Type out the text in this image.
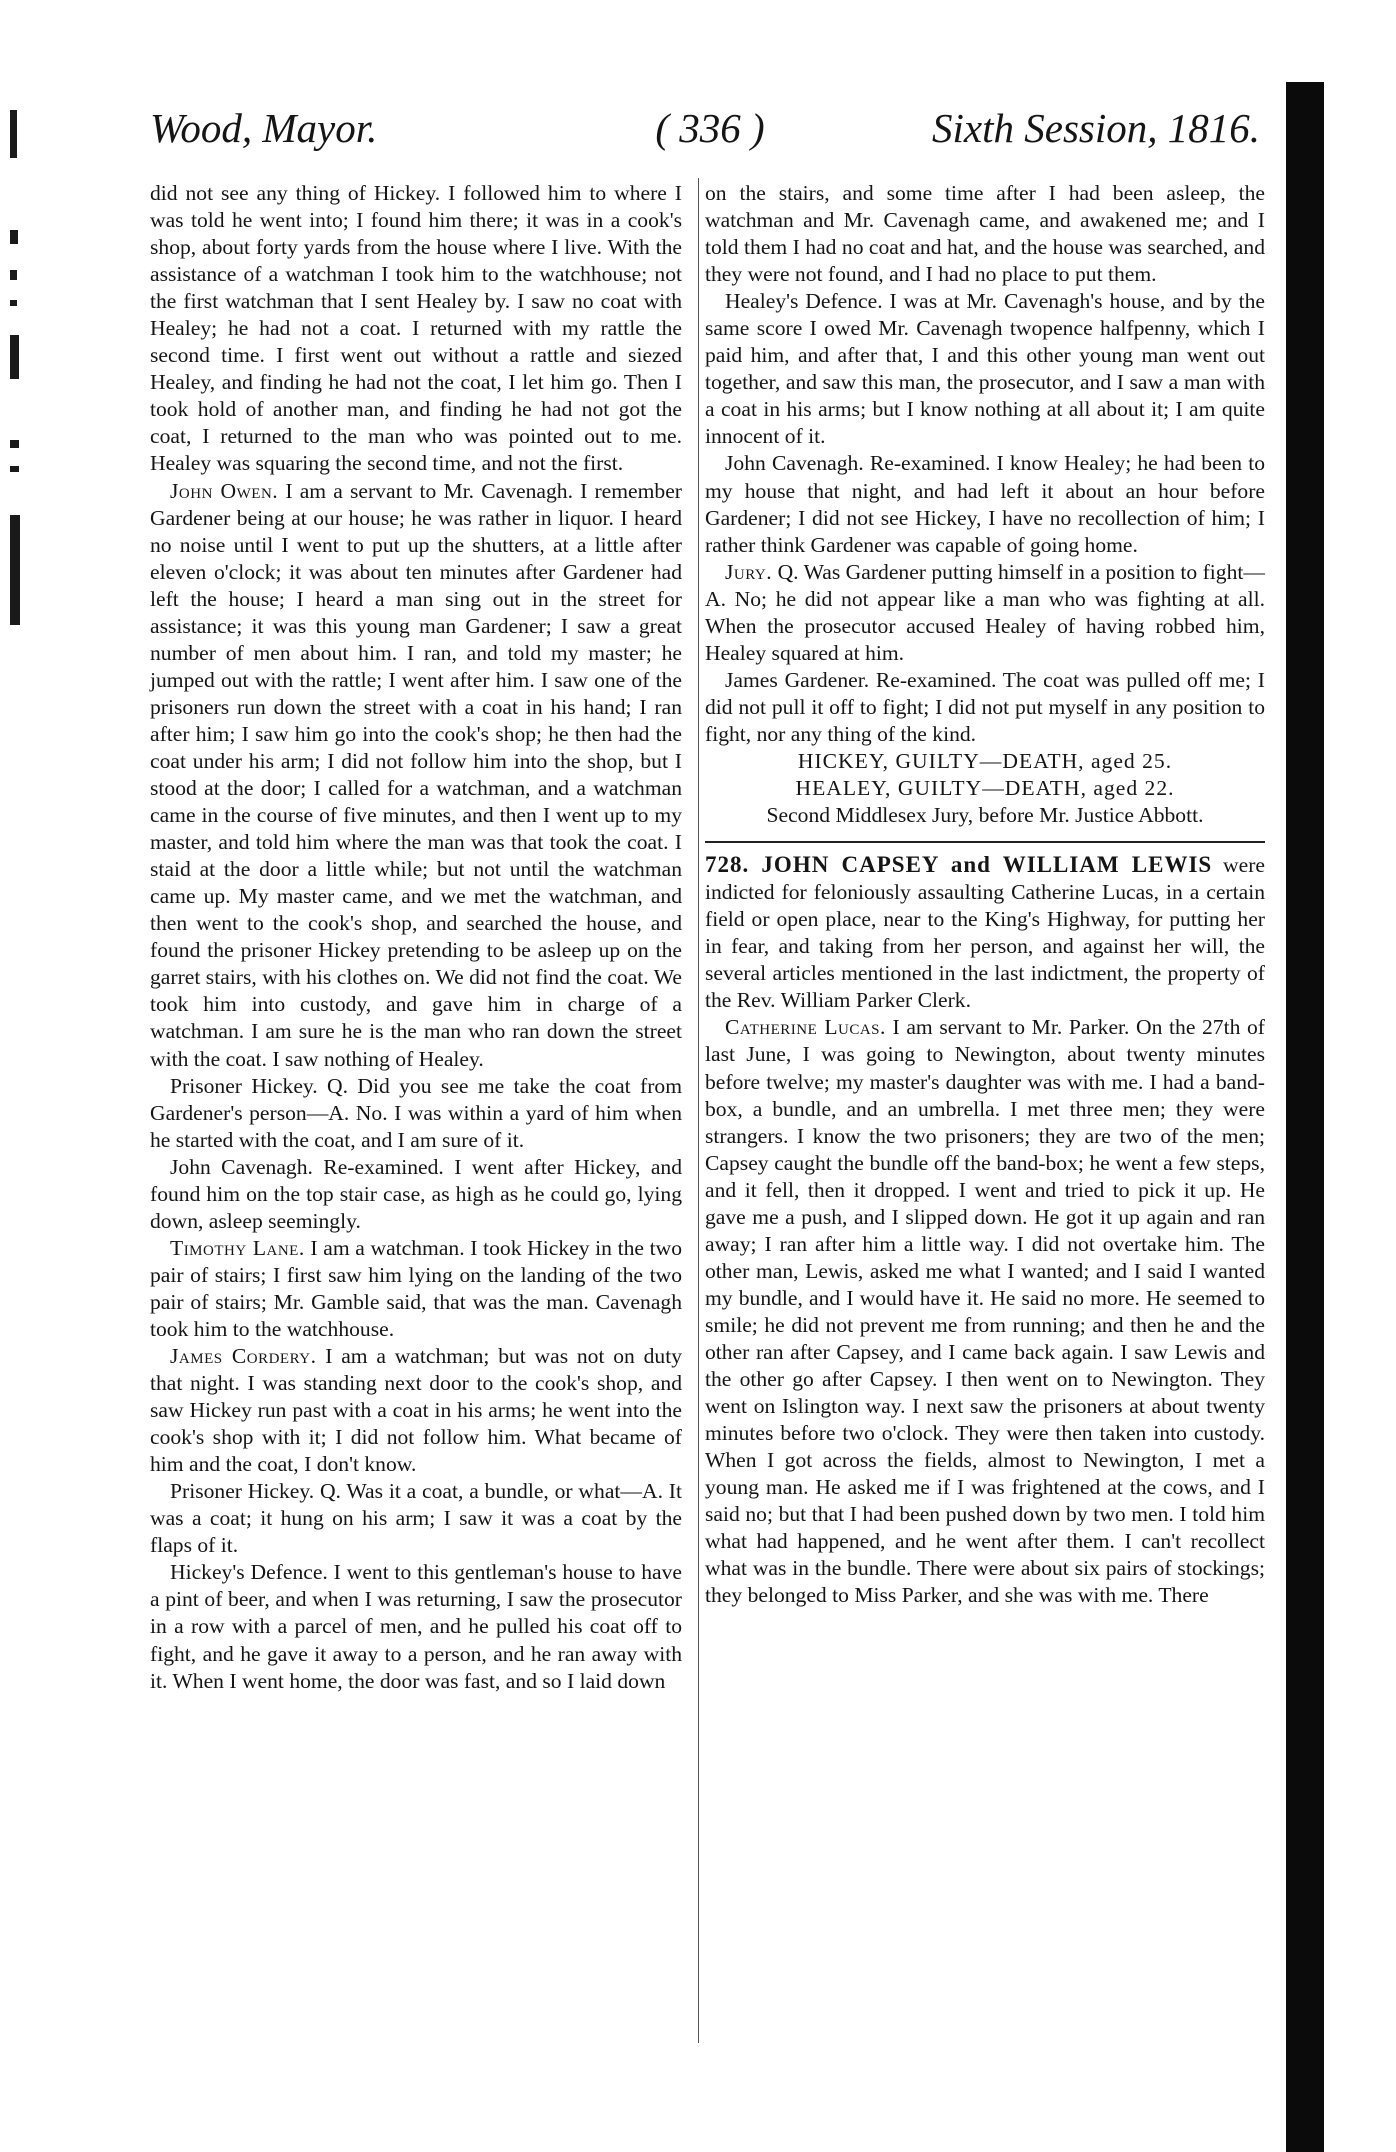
Wood, Mayor.	( 336 )	Sixth Session, 1816.

did not see any thing of Hickey. I followed him to where I was told he went into; I found him there; it was in a cook's shop, about forty yards from the house where I live. With the assistance of a watchman I took him to the watchhouse; not the first watchman that I sent Healey by. I saw no coat with Healey; he had not a coat. I returned with my rattle the second time. I first went out without a rattle and siezed Healey, and finding he had not the coat, I let him go. Then I took hold of another man, and finding he had not got the coat, I returned to the man who was pointed out to me. Healey was squaring the second time, and not the first.

John Owen. I am a servant to Mr. Cavenagh. I remember Gardener being at our house; he was rather in liquor. I heard no noise until I went to put up the shutters, at a little after eleven o'clock; it was about ten minutes after Gardener had left the house; I heard a man sing out in the street for assistance; it was this young man Gardener; I saw a great number of men about him. I ran, and told my master; he jumped out with the rattle; I went after him. I saw one of the prisoners run down the street with a coat in his hand; I ran after him; I saw him go into the cook's shop; he then had the coat under his arm; I did not follow him into the shop, but I stood at the door; I called for a watchman, and a watchman came in the course of five minutes, and then I went up to my master, and told him where the man was that took the coat. I staid at the door a little while; but not until the watchman came up. My master came, and we met the watchman, and then went to the cook's shop, and searched the house, and found the prisoner Hickey pretending to be asleep up on the garret stairs, with his clothes on. We did not find the coat. We took him into custody, and gave him in charge of a watchman. I am sure he is the man who ran down the street with the coat. I saw nothing of Healey.

Prisoner Hickey. Q. Did you see me take the coat from Gardener's person—A. No. I was within a yard of him when he started with the coat, and I am sure of it.

John Cavenagh. Re-examined. I went after Hickey, and found him on the top stair case, as high as he could go, lying down, asleep seemingly.

Timothy Lane. I am a watchman. I took Hickey in the two pair of stairs; I first saw him lying on the landing of the two pair of stairs; Mr. Gamble said, that was the man. Cavenagh took him to the watchhouse.

James Cordery. I am a watchman; but was not on duty that night. I was standing next door to the cook's shop, and saw Hickey run past with a coat in his arms; he went into the cook's shop with it; I did not follow him. What became of him and the coat, I don't know.

Prisoner Hickey. Q. Was it a coat, a bundle, or what—A. It was a coat; it hung on his arm; I saw it was a coat by the flaps of it.

Hickey's Defence. I went to this gentleman's house to have a pint of beer, and when I was returning, I saw the prosecutor in a row with a parcel of men, and he pulled his coat off to fight, and he gave it away to a person, and he ran away with it. When I went home, the door was fast, and so I laid down

on the stairs, and some time after I had been asleep, the watchman and Mr. Cavenagh came, and awakened me; and I told them I had no coat and hat, and the house was searched, and they were not found, and I had no place to put them.

Healey's Defence. I was at Mr. Cavenagh's house, and by the same score I owed Mr. Cavenagh twopence halfpenny, which I paid him, and after that, I and this other young man went out together, and saw this man, the prosecutor, and I saw a man with a coat in his arms; but I know nothing at all about it; I am quite innocent of it.

John Cavenagh. Re-examined. I know Healey; he had been to my house that night, and had left it about an hour before Gardener; I did not see Hickey, I have no recollection of him; I rather think Gardener was capable of going home.

Jury. Q. Was Gardener putting himself in a position to fight—A. No; he did not appear like a man who was fighting at all. When the prosecutor accused Healey of having robbed him, Healey squared at him.

James Gardener. Re-examined. The coat was pulled off me; I did not pull it off to fight; I did not put myself in any position to fight, nor any thing of the kind.

HICKEY, GUILTY—DEATH, aged 25.

HEALEY, GUILTY—DEATH, aged 22.

Second Middlesex Jury, before Mr. Justice Abbott.

728. JOHN CAPSEY and WILLIAM LEWIS were indicted for feloniously assaulting Catherine Lucas, in a certain field or open place, near to the King's Highway, for putting her in fear, and taking from her person, and against her will, the several articles mentioned in the last indictment, the property of the Rev. William Parker Clerk.

Catherine Lucas. I am servant to Mr. Parker. On the 27th of last June, I was going to Newington, about twenty minutes before twelve; my master's daughter was with me. I had a band-box, a bundle, and an umbrella. I met three men; they were strangers. I know the two prisoners; they are two of the men; Capsey caught the bundle off the band-box; he went a few steps, and it fell, then it dropped. I went and tried to pick it up. He gave me a push, and I slipped down. He got it up again and ran away; I ran after him a little way. I did not overtake him. The other man, Lewis, asked me what I wanted; and I said I wanted my bundle, and I would have it. He said no more. He seemed to smile; he did not prevent me from running; and then he and the other ran after Capsey, and I came back again. I saw Lewis and the other go after Capsey. I then went on to Newington. They went on Islington way. I next saw the prisoners at about twenty minutes before two o'clock. They were then taken into custody. When I got across the fields, almost to Newington, I met a young man. He asked me if I was frightened at the cows, and I said no; but that I had been pushed down by two men. I told him what had happened, and he went after them. I can't recollect what was in the bundle. There were about six pairs of stockings; they belonged to Miss Parker, and she was with me. There
